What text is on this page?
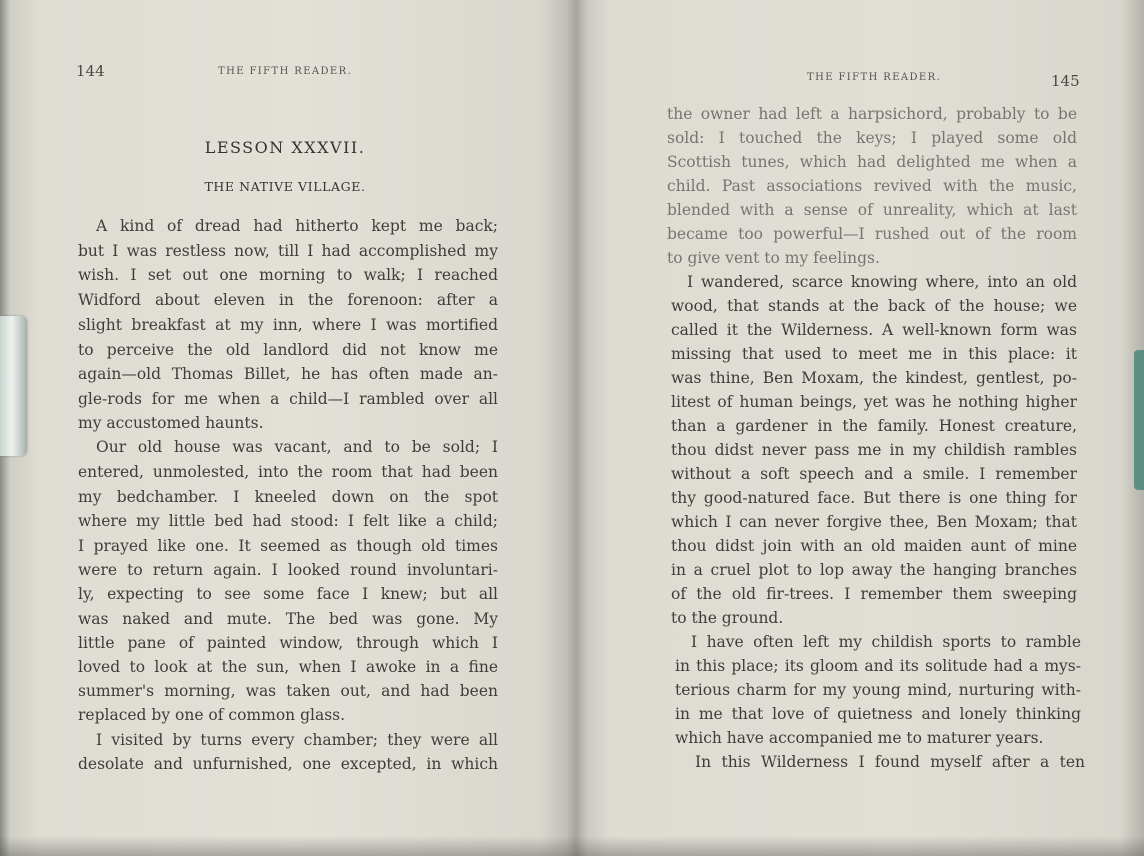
144	THE FIFTH READER.
LESSON XXXVII.
THE NATIVE VILLAGE.
A kind of dread had hitherto kept me back;
but I was restless now, till I had accomplished my
wish. I set out one morning to walk; I reached
Widford about eleven in the forenoon: after a
slight breakfast at my inn, where I was mortified
to perceive the old landlord did not know me
again—old Thomas Billet, he has often made an-
gle-rods for me when a child—I rambled over all
my accustomed haunts.
Our old house was vacant, and to be sold; I
entered, unmolested, into the room that had been
my bedchamber. I kneeled down on the spot
where my little bed had stood: I felt like a child;
I prayed like one. It seemed as though old times
were to return again. I looked round involuntari-
ly, expecting to see some face I knew; but all
was naked and mute. The bed was gone. My
little pane of painted window, through which I
loved to look at the sun, when I awoke in a fine
summer's morning, was taken out, and had been
replaced by one of common glass.
I visited by turns every chamber; they were all
desolate and unfurnished, one excepted, in which
THE FIFTH READER.	145
the owner had left a harpsichord, probably to be
sold: I touched the keys; I played some old
Scottish tunes, which had delighted me when a
child. Past associations revived with the music,
blended with a sense of unreality, which at last
became too powerful—I rushed out of the room
to give vent to my feelings.
I wandered, scarce knowing where, into an old
wood, that stands at the back of the house; we
called it the Wilderness. A well-known form was
missing that used to meet me in this place: it
was thine, Ben Moxam, the kindest, gentlest, po-
litest of human beings, yet was he nothing higher
than a gardener in the family. Honest creature,
thou didst never pass me in my childish rambles
without a soft speech and a smile. I remember
thy good-natured face. But there is one thing for
which I can never forgive thee, Ben Moxam; that
thou didst join with an old maiden aunt of mine
in a cruel plot to lop away the hanging branches
of the old fir-trees. I remember them sweeping
to the ground.
I have often left my childish sports to ramble
in this place; its gloom and its solitude had a mys-
terious charm for my young mind, nurturing with-
in me that love of quietness and lonely thinking
which have accompanied me to maturer years.
In this Wilderness I found myself after a ten
